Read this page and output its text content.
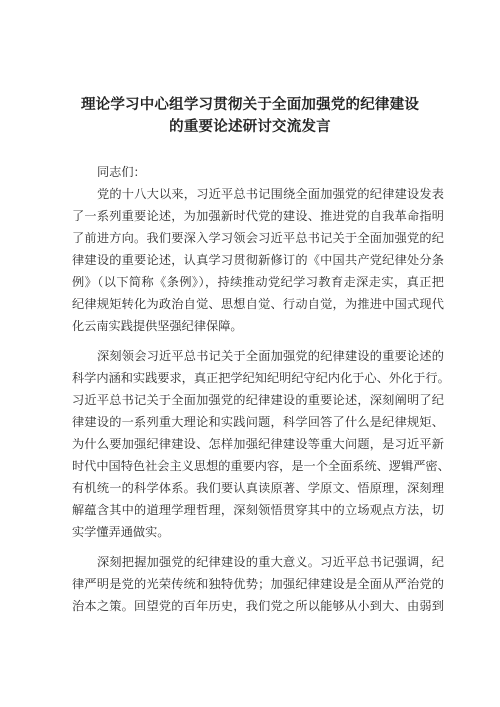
理论学习中心组学习贯彻关于全面加强党的纪律建设
的重要论述研讨交流发言
同志们：
党的十八大以来，习近平总书记围绕全面加强党的纪律建设发表
了一系列重要论述，为加强新时代党的建设、推进党的自我革命指明
了前进方向。我们要深入学习领会习近平总书记关于全面加强党的纪
律建设的重要论述，认真学习贯彻新修订的《中国共产党纪律处分条
例》（以下简称《条例》），持续推动党纪学习教育走深走实，真正把
纪律规矩转化为政治自觉、思想自觉、行动自觉，为推进中国式现代
化云南实践提供坚强纪律保障。
深刻领会习近平总书记关于全面加强党的纪律建设的重要论述的
科学内涵和实践要求，真正把学纪知纪明纪守纪内化于心、外化于行。
习近平总书记关于全面加强党的纪律建设的重要论述，深刻阐明了纪
律建设的一系列重大理论和实践问题，科学回答了什么是纪律规矩、
为什么要加强纪律建设、怎样加强纪律建设等重大问题，是习近平新
时代中国特色社会主义思想的重要内容，是一个全面系统、逻辑严密、
有机统一的科学体系。我们要认真读原著、学原文、悟原理，深刻理
解蕴含其中的道理学理哲理，深刻领悟贯穿其中的立场观点方法，切
实学懂弄通做实。
深刻把握加强党的纪律建设的重大意义。习近平总书记强调，纪
律严明是党的光荣传统和独特优势；加强纪律建设是全面从严治党的
治本之策。回望党的百年历史，我们党之所以能够从小到大、由弱到
